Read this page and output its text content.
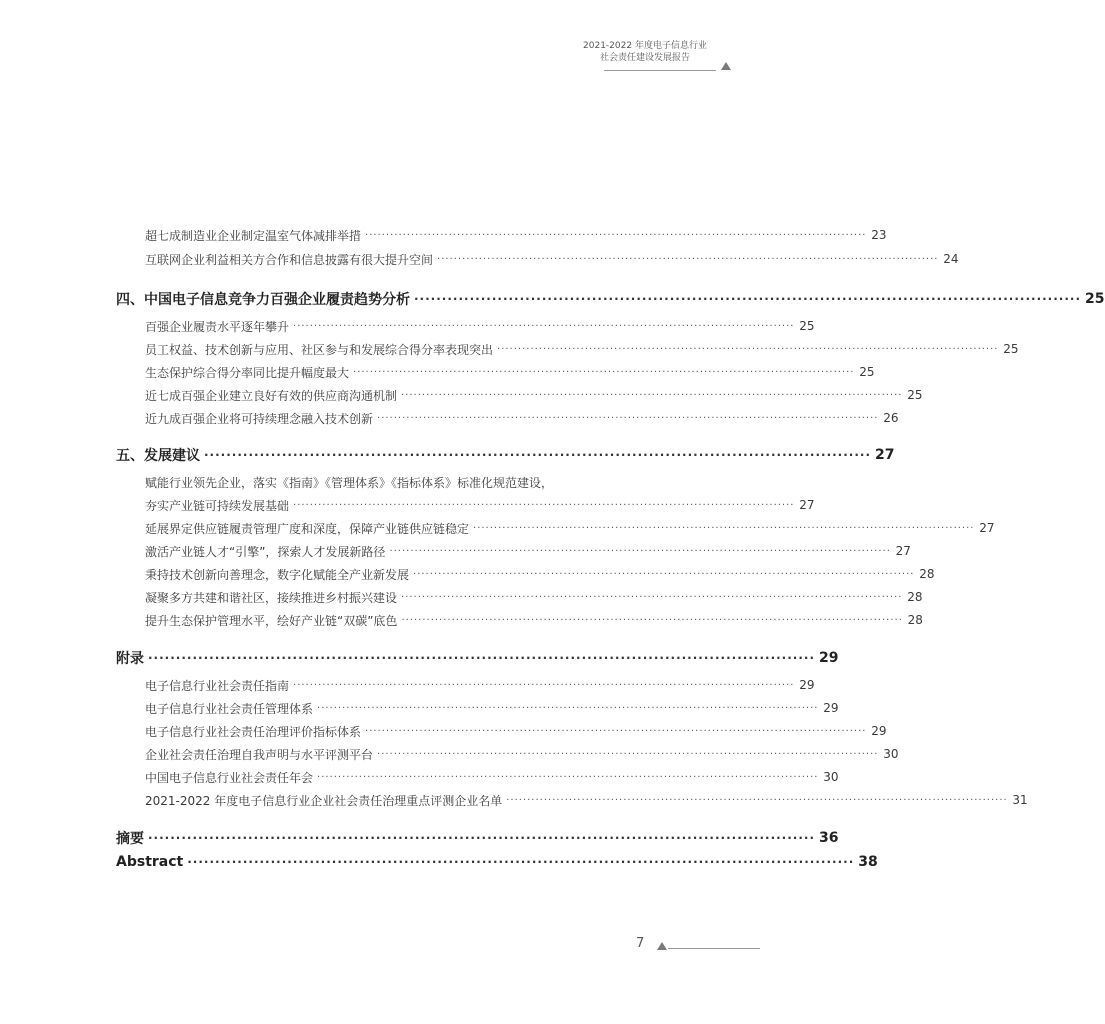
2021-2022 年度电子信息行业
社会责任建设发展报告
超七成制造业企业制定温室气体减排举措 ························································································································ 23
互联网企业利益相关方合作和信息披露有很大提升空间 ························································································································ 24
四、中国电子信息竞争力百强企业履责趋势分析 ························································································································ 25
百强企业履责水平逐年攀升 ························································································································ 25
员工权益、技术创新与应用、社区参与和发展综合得分率表现突出 ························································································································ 25
生态保护综合得分率同比提升幅度最大 ························································································································ 25
近七成百强企业建立良好有效的供应商沟通机制 ························································································································ 25
近九成百强企业将可持续理念融入技术创新 ························································································································ 26
五、发展建议 ························································································································ 27
赋能行业领先企业，落实《指南》《管理体系》《指标体系》标准化规范建设，
夯实产业链可持续发展基础 ························································································································ 27
延展界定供应链履责管理广度和深度，保障产业链供应链稳定 ························································································································ 27
激活产业链人才“引擎”，探索人才发展新路径 ························································································································ 27
秉持技术创新向善理念，数字化赋能全产业新发展 ························································································································ 28
凝聚多方共建和谐社区，接续推进乡村振兴建设 ························································································································ 28
提升生态保护管理水平，绘好产业链“双碳”底色 ························································································································ 28
附录 ························································································································ 29
电子信息行业社会责任指南 ························································································································ 29
电子信息行业社会责任管理体系 ························································································································ 29
电子信息行业社会责任治理评价指标体系 ························································································································ 29
企业社会责任治理自我声明与水平评测平台 ························································································································ 30
中国电子信息行业社会责任年会 ························································································································ 30
2021-2022 年度电子信息行业企业社会责任治理重点评测企业名单 ························································································································ 31
摘要 ························································································································ 36
Abstract ························································································································ 38
7
